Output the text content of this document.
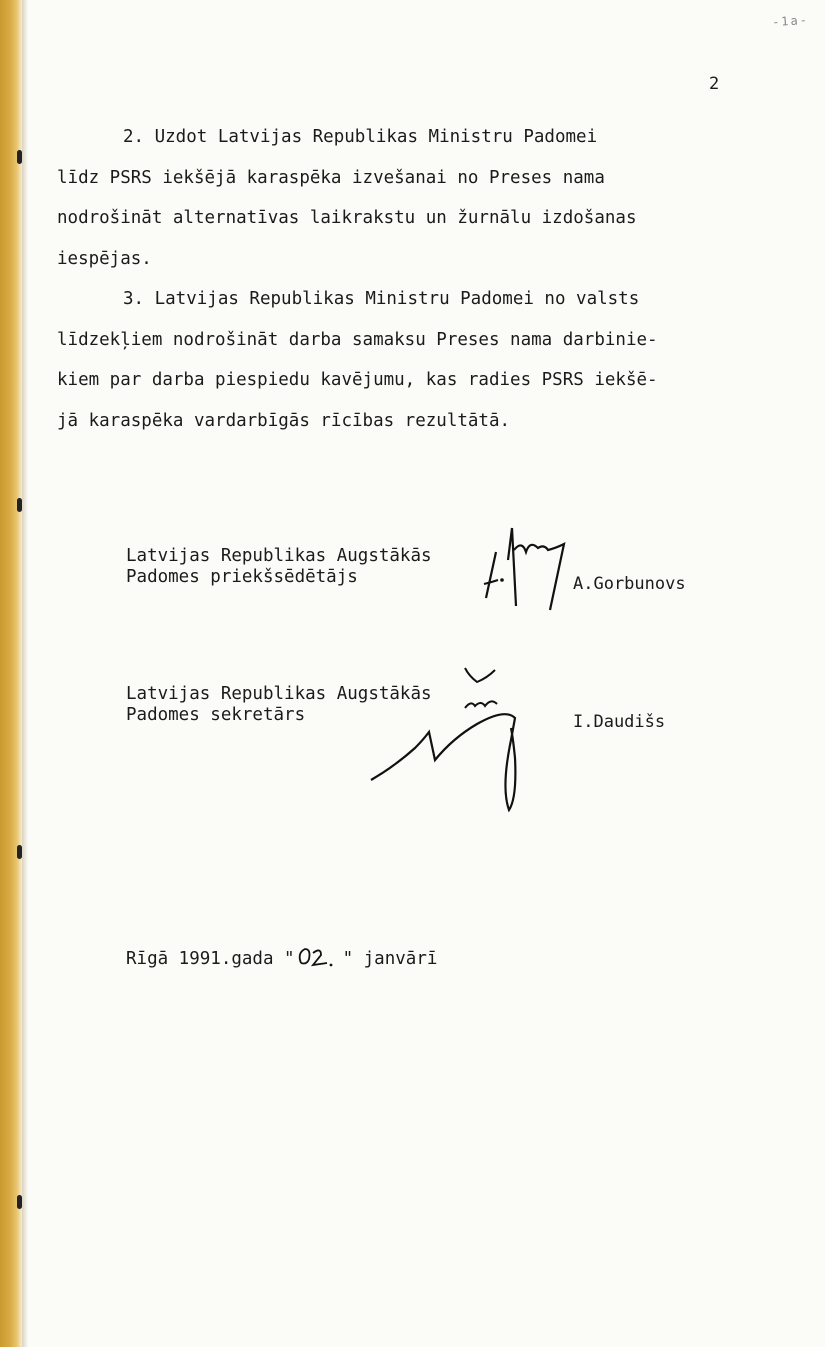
-1a-
2

2. Uzdot Latvijas Republikas Ministru Padomei
līdz PSRS iekšējā karaspēka izvešanai no Preses nama
nodrošināt alternatīvas laikrakstu un žurnālu izdošanas
iespējas.

3. Latvijas Republikas Ministru Padomei no valsts
līdzekļiem nodrošināt darba samaksu Preses nama darbinie-
kiem par darba piespiedu kavējumu, kas radies PSRS iekšē-
jā karaspēka vardarbīgās rīcības rezultātā.

Latvijas Republikas Augstākās
Padomes priekšsēdētājs	A.Gorbunovs
Latvijas Republikas Augstākās
Padomes sekretārs	I.Daudišs
Rīgā 1991.gada "	" janvārī
